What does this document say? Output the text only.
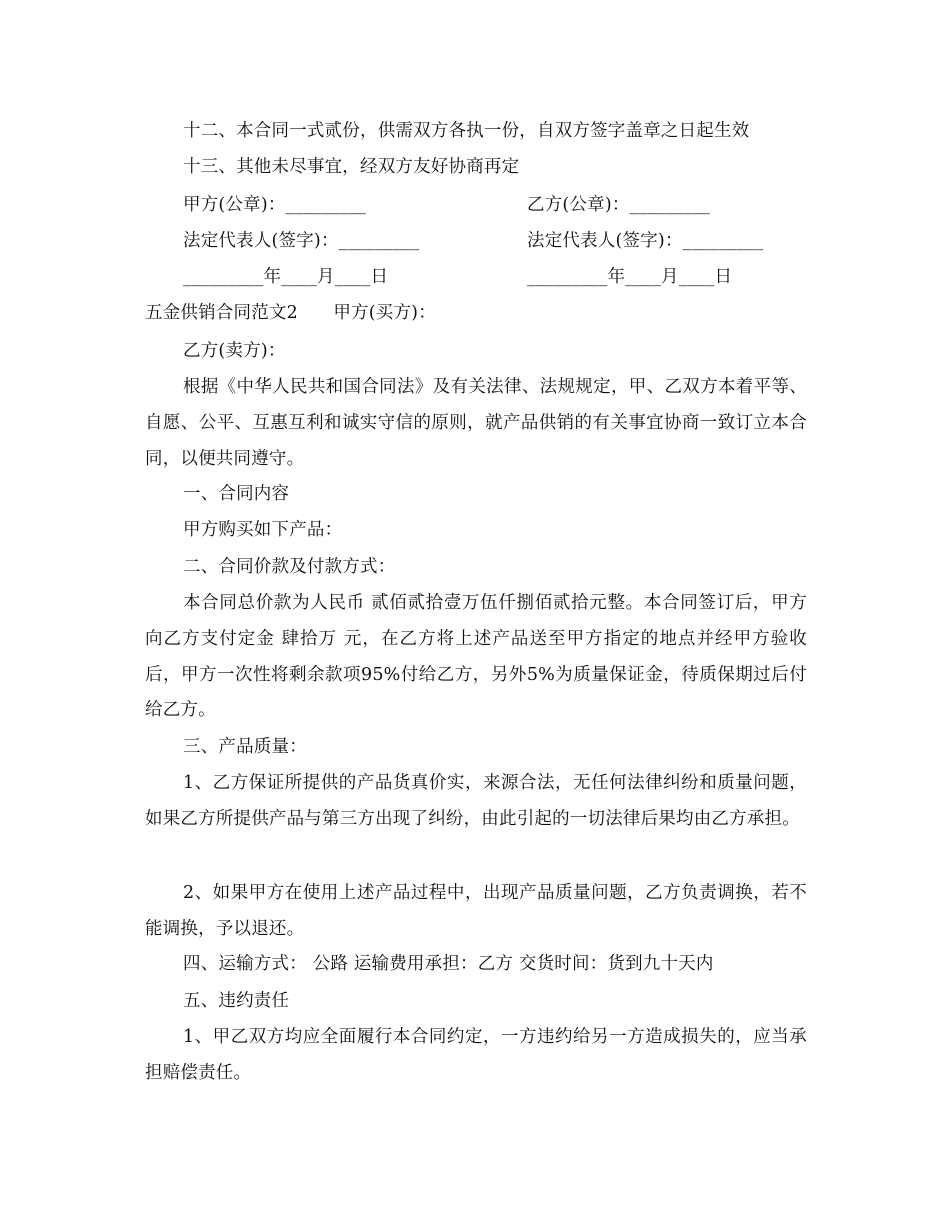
十二、本合同一式贰份，供需双方各执一份，自双方签字盖章之日起生效
十三、其他未尽事宜，经双方友好协商再定
甲方(公章)：_________	乙方(公章)：_________
法定代表人(签字)：_________	法定代表人(签字)：_________
_________年____月____日	_________年____月____日
五金供销合同范文2　　甲方(买方)：
乙方(卖方)：
根据《中华人民共和国合同法》及有关法律、法规规定，甲、乙双方本着平等、自愿、公平、互惠互利和诚实守信的原则，就产品供销的有关事宜协商一致订立本合同，以便共同遵守。
一、合同内容
甲方购买如下产品：
二、合同价款及付款方式：
本合同总价款为人民币 贰佰贰拾壹万伍仟捌佰贰拾元整。本合同签订后，甲方向乙方支付定金 肆拾万 元，在乙方将上述产品送至甲方指定的地点并经甲方验收后，甲方一次性将剩余款项95%付给乙方，另外5%为质量保证金，待质保期过后付给乙方。
三、产品质量：
1、乙方保证所提供的产品货真价实，来源合法，无任何法律纠纷和质量问题，如果乙方所提供产品与第三方出现了纠纷，由此引起的一切法律后果均由乙方承担。
2、如果甲方在使用上述产品过程中，出现产品质量问题，乙方负责调换，若不能调换，予以退还。
四、运输方式： 公路 运输费用承担：乙方 交货时间：货到九十天内
五、违约责任
1、甲乙双方均应全面履行本合同约定，一方违约给另一方造成损失的，应当承担赔偿责任。
